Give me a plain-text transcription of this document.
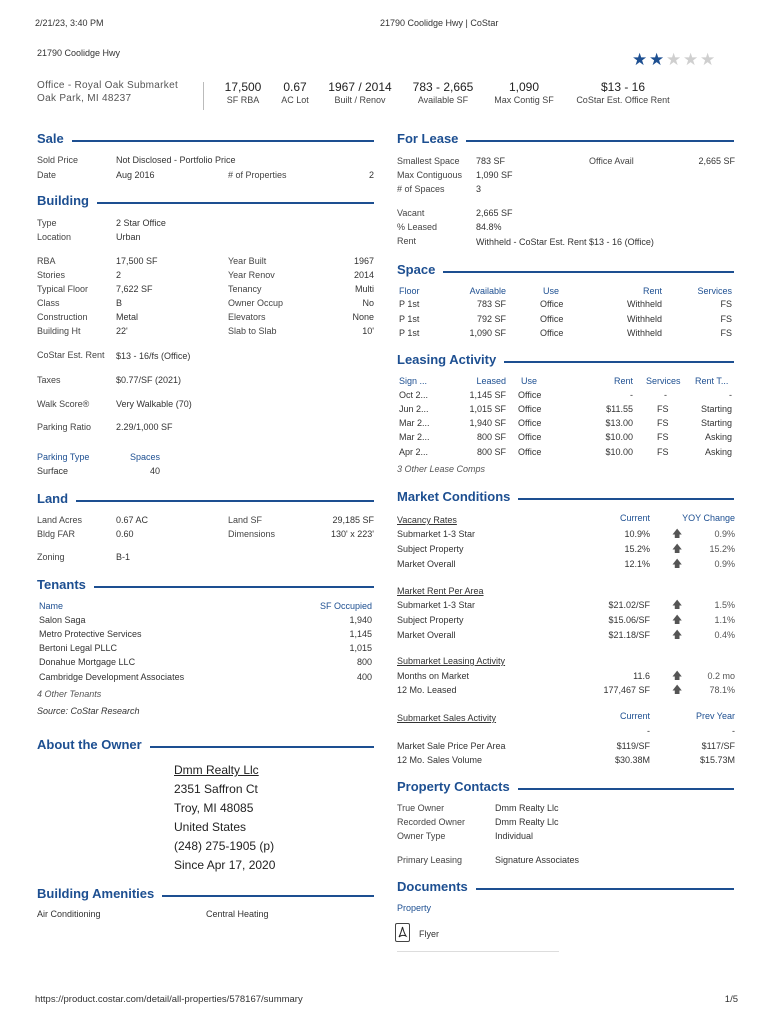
2/21/23, 3:40 PM	21790 Coolidge Hwy | CoStar
21790 Coolidge Hwy	★ ★ ★ ★ ★
Office - Royal Oak Submarket
Oak Park, MI 48237
17,500
SF RBA
0.67
AC Lot
1967 / 2014
Built / Renov
783 - 2,665
Available SF
1,090
Max Contig SF
$13 - 16
CoStar Est. Office Rent
Sale
Sold Price	Not Disclosed - Portfolio Price
Date	Aug 2016	# of Properties	2
Building
Type	2 Star Office
Location	Urban
RBA	17,500 SF
Stories	2
Typical Floor	7,622 SF
Class	B
Construction	Metal
Building Ht	22'
Year Built	1967
Year Renov	2014
Tenancy	Multi
Owner Occup	No
Elevators	None
Slab to Slab	10'
CoStar Est. Rent $13 - 16/fs (Office)
Taxes	$0.77/SF (2021)
Walk Score®	Very Walkable (70)
Parking Ratio	2.29/1,000 SF
Parking Type	Spaces
Surface	40
Land
Land Acres	0.67 AC	Land SF	29,185 SF
Bldg FAR	0.60	Dimensions	130' x 223'
Zoning	B-1
Tenants
Name	SF Occupied
Salon Saga	1,940
Metro Protective Services	1,145
Bertoni Legal PLLC	1,015
Donahue Mortgage LLC	800
Cambridge Development Associates	400
4 Other Tenants
Source: CoStar Research
About the Owner
Dmm Realty Llc
2351 Saffron Ct
Troy, MI 48085
United States
(248) 275-1905 (p)
Since Apr 17, 2020
Building Amenities
Air Conditioning	Central Heating
For Lease
Smallest Space 783 SF	Office Avail	2,665 SF
Max Contiguous 1,090 SF
# of Spaces	3
Vacant	2,665 SF
% Leased	84.8%
Rent	Withheld - CoStar Est. Rent $13 - 16 (Office)
Space
Floor	Available	Use	Rent	Services
P 1st	783 SF	Office	Withheld	FS
P 1st	792 SF	Office	Withheld	FS
P 1st	1,090 SF	Office	Withheld	FS
Leasing Activity
Sign ...	Leased Use	Rent Services Rent T...
Oct 2...	1,145 SF Office	-	-	-
Jun 2...	1,015 SF Office	$11.55	FS	Starting
Mar 2...	1,940 SF Office	$13.00	FS	Starting
Mar 2...	800 SF Office	$10.00	FS	Asking
Apr 2...	800 SF Office	$10.00	FS	Asking
3 Other Lease Comps
Market Conditions
Current	YOY Change
Vacancy Rates
Submarket 1-3 Star	10.9% 🡅	0.9%
Subject Property	15.2% 🡅	15.2%
Market Overall	12.1% 🡅	0.9%
Market Rent Per Area
Submarket 1-3 Star	$21.02/SF 🡅	1.5%
Subject Property	$15.06/SF 🡅	1.1%
Market Overall	$21.18/SF 🡅	0.4%
Submarket Leasing Activity
Months on Market	11.6 🡅	0.2 mo
12 Mo. Leased	177,467 SF 🡅	78.1%
Submarket Sales Activity	Current	Prev Year
-	-
Market Sale Price Per Area	$119/SF	$117/SF
12 Mo. Sales Volume	$30.38M	$15.73M
Property Contacts
True Owner	Dmm Realty Llc
Recorded Owner	Dmm Realty Llc
Owner Type	Individual
Primary Leasing	Signature Associates
Documents
Property
Flyer
https://product.costar.com/detail/all-properties/578167/summary	1/5
